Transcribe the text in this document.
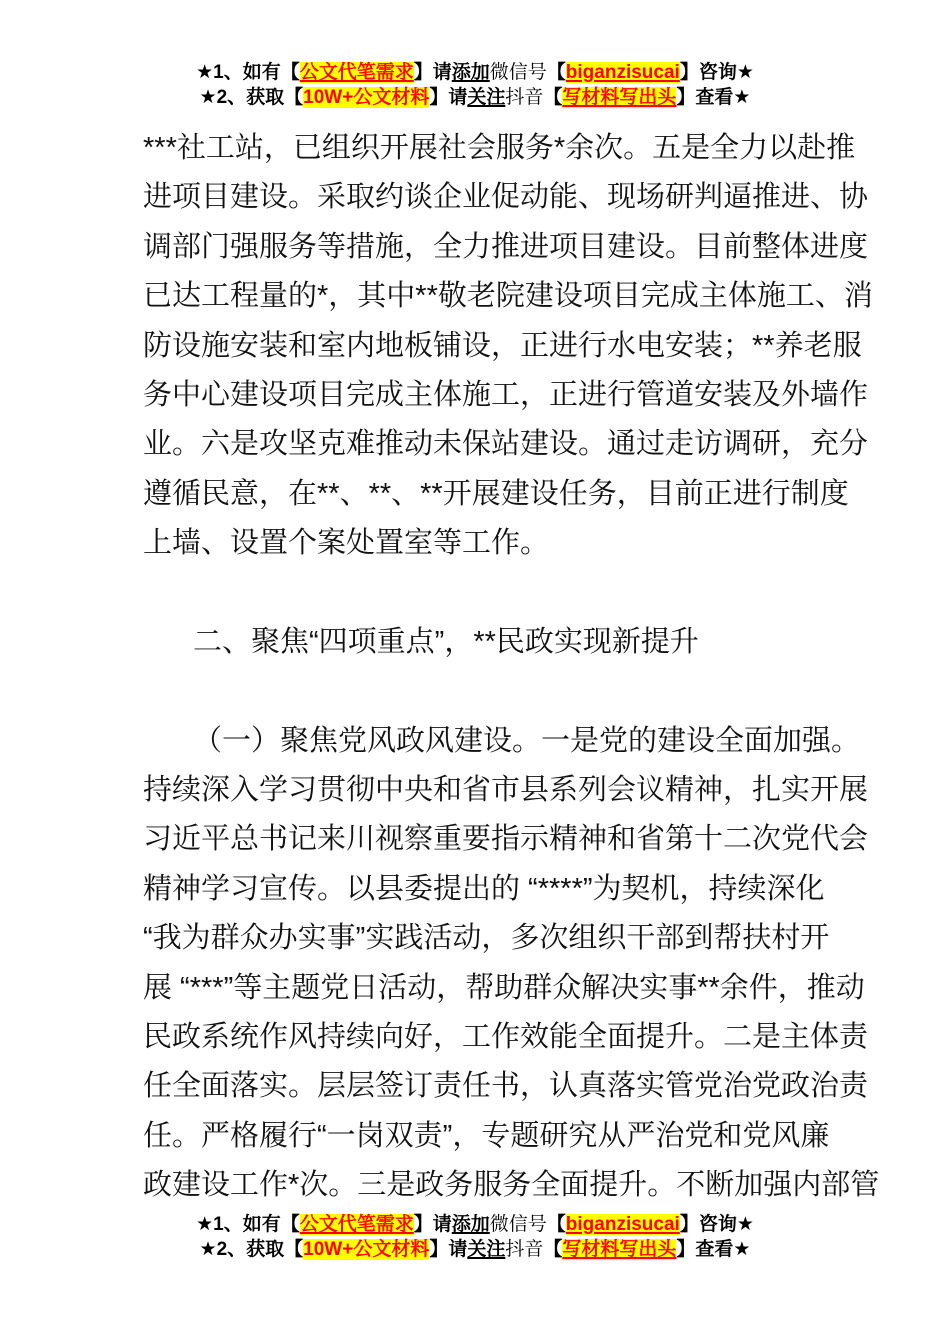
★1、如有【公文代笔需求】请添加微信号【biganzisucai】咨询★
★2、获取【10W+公文材料】请关注抖音【写材料写出头】查看★
***社工站，已组织开展社会服务*余次。五是全力以赴推
进项目建设。采取约谈企业促动能、现场研判逼推进、协
调部门强服务等措施，全力推进项目建设。目前整体进度
已达工程量的*，其中**敬老院建设项目完成主体施工、消
防设施安装和室内地板铺设，正进行水电安装；**养老服
务中心建设项目完成主体施工，正进行管道安装及外墙作
业。六是攻坚克难推动未保站建设。通过走访调研，充分
遵循民意，在**、**、**开展建设任务，目前正进行制度
上墙、设置个案处置室等工作。
二、聚焦“四项重点”，**民政实现新提升
（一）聚焦党风政风建设。一是党的建设全面加强。
持续深入学习贯彻中央和省市县系列会议精神，扎实开展
习近平总书记来川视察重要指示精神和省第十二次党代会
精神学习宣传。以县委提出的 “****”为契机，持续深化
“我为群众办实事”实践活动，多次组织干部到帮扶村开
展 “***”等主题党日活动，帮助群众解决实事**余件，推动
民政系统作风持续向好，工作效能全面提升。二是主体责
任全面落实。层层签订责任书，认真落实管党治党政治责
任。严格履行“一岗双责”，专题研究从严治党和党风廉
政建设工作*次。三是政务服务全面提升。不断加强内部管
★1、如有【公文代笔需求】请添加微信号【biganzisucai】咨询★
★2、获取【10W+公文材料】请关注抖音【写材料写出头】查看★
